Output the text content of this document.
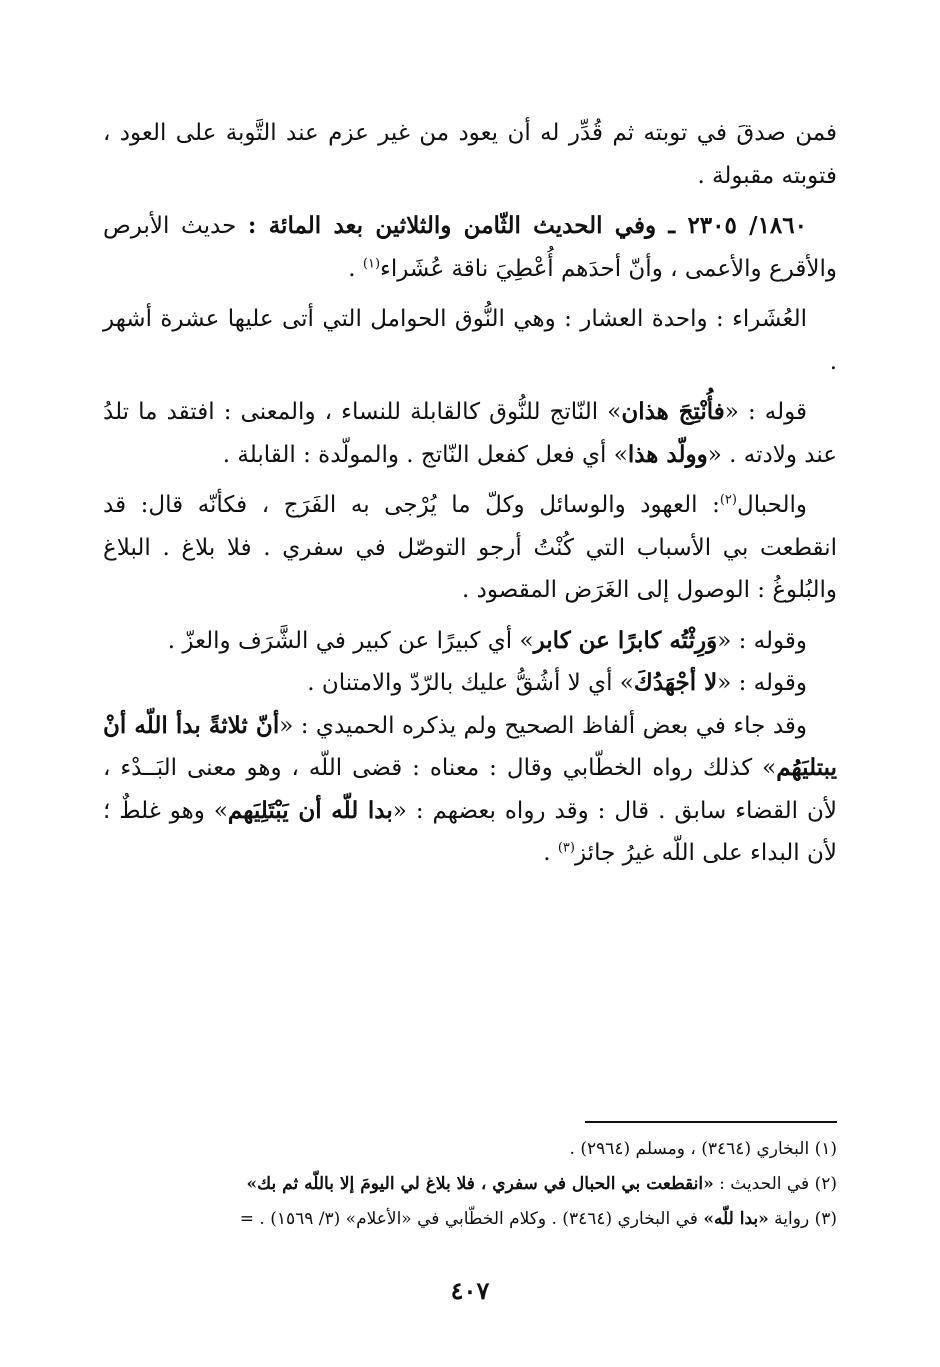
فمن صدقَ في توبته ثم قُدِّر له أن يعود من غير عزم عند التَّوبة على العود ، فتوبته مقبولة .

١٨٦٠/ ٢٣٠٥ ـ وفي الحديث الثّامن والثلاثين بعد المائة : حديث الأبرص والأقرع والأعمى ، وأنّ أحدَهم أُعْطِيَ ناقة عُشَراء$^{(١)}$ .

العُشَراء : واحدة العشار : وهي النُّوق الحوامل التي أتى عليها عشرة أشهر .

قوله : «فأُنْتِجَ هذان» النّاتج للنُّوق كالقابلة للنساء ، والمعنى : افتقد ما تلدُ عند ولادته . «وولّد هذا» أي فعل كفعل النّاتج . والمولّدة : القابلة .

والحبال$^{(٢)}$: العهود والوسائل وكلّ ما يُرْجى به الفَرَج ، فكأنّه قال: قد انقطعت بي الأسباب التي كُنْتُ أرجو التوصّل في سفري . فلا بلاغ . البلاغ والبُلوغُ : الوصول إلى الغَرَض المقصود .

وقوله : «وَرِثْتُه كابرًا عن كابر» أي كبيرًا عن كبير في الشَّرَف والعزّ .

وقوله : «لا أجْهَدُكَ» أي لا أشُقُّ عليك بالرّدّ والامتنان .

وقد جاء في بعض ألفاظ الصحيح ولم يذكره الحميدي : «أنّ ثلاثةً بدأ اللّه أنْ يبتليَهُم» كذلك رواه الخطّابي وقال : معناه : قضى اللّه ، وهو معنى البَــدْء ، لأن القضاء سابق . قال : وقد رواه بعضهم : «بدا للّه أن يَبْتَلِيَهم» وهو غلطٌ ؛ لأن البداء على اللّه غيرُ جائز$^{(٣)}$ .

(١) البخاري (٣٤٦٤) ، ومسلم (٢٩٦٤) .

(٢) في الحديث : «انقطعت بي الحبال في سفري ، فلا بلاغ لي اليومَ إلا باللّه ثم بك»

(٣) رواية «بدا للّه» في البخاري (٣٤٦٤) . وكلام الخطّابي في «الأعلام» (٣/ ١٥٦٩) . =

٤٠٧
